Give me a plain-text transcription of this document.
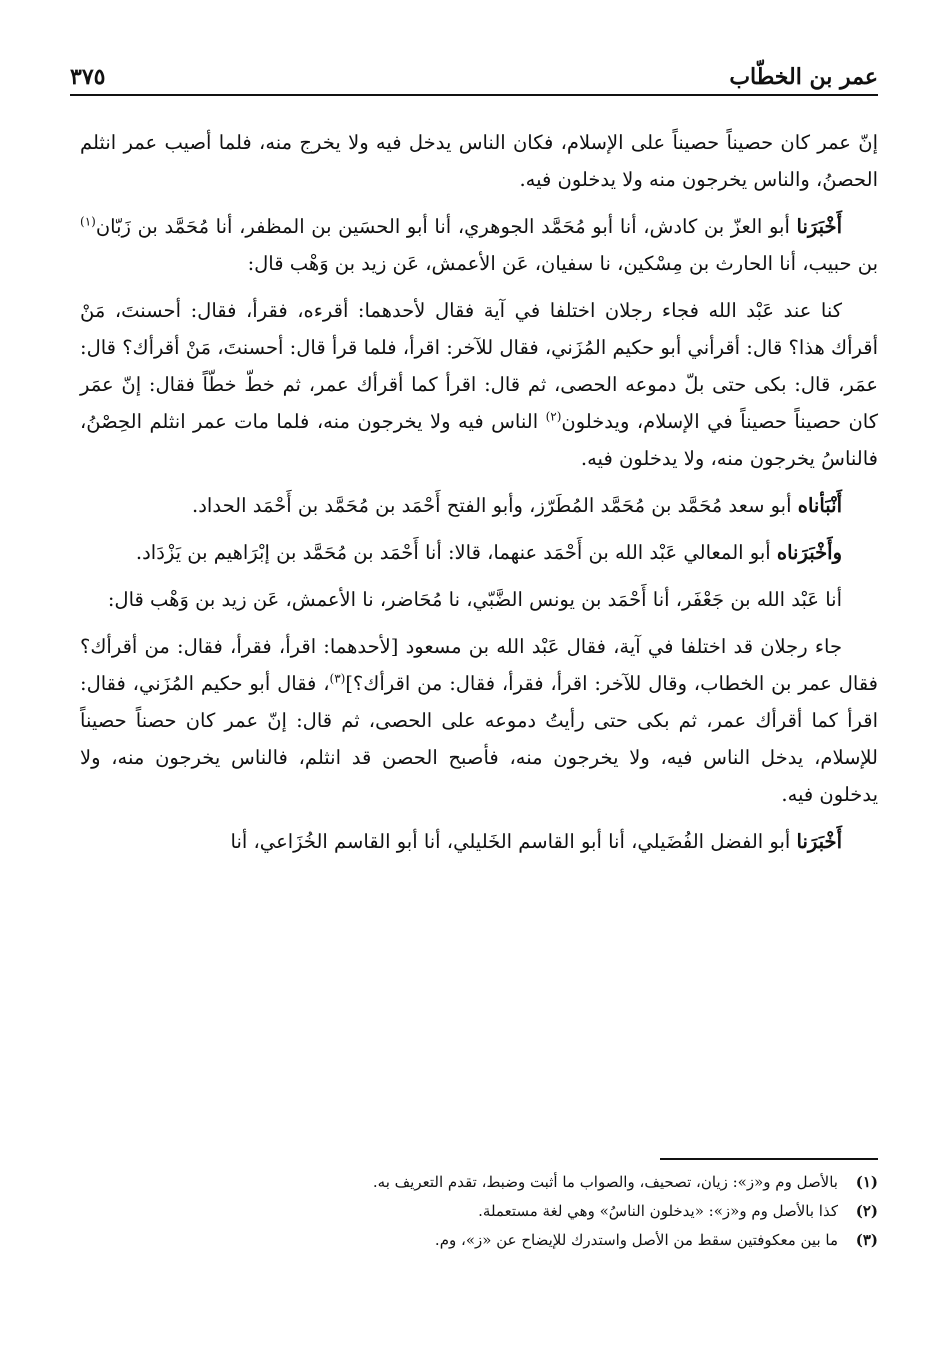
عمر بن الخطّاب
٣٧٥

إنّ عمر كان حصيناً حصيناً على الإسلام، فكان الناس يدخل فيه ولا يخرج منه، فلما أصيب عمر انثلم الحصنُ، والناس يخرجون منه ولا يدخلون فيه.

أَخْبَرَنا أبو العزّ بن كادش، أنا أبو مُحَمَّد الجوهري، أنا أبو الحسَين بن المظفر، أنا مُحَمَّد بن زَبّان$^{(١)}$ بن حبيب، أنا الحارث بن مِسْكين، نا سفيان، عَن الأعمش، عَن زيد بن وَهْب قال:

كنا عند عَبْد الله فجاء رجلان اختلفا في آية فقال لأحدهما: أقرءه، فقرأ، فقال: أحسنتَ، مَنْ أقرأك هذا؟ قال: أقرأني أبو حكيم المُزَني، فقال للآخر: اقرأ، فلما قرأ قال: أحسنتَ، مَنْ أقرأك؟ قال: عمَر، قال: بكى حتى بلّ دموعه الحصى، ثم قال: اقرأ كما أقرأك عمر، ثم خطّ خطّاً فقال: إنّ عمَر كان حصيناً حصيناً في الإسلام، ويدخلون$^{(٢)}$ الناس فيه ولا يخرجون منه، فلما مات عمر انثلم الحِصْنُ، فالناسُ يخرجون منه، ولا يدخلون فيه.

أَنْبَأناه أبو سعد مُحَمَّد بن مُحَمَّد المُطَرّز، وأبو الفتح أَحْمَد بن مُحَمَّد بن أَحْمَد الحداد.

وأَخْبَرَناه أبو المعالي عَبْد الله بن أَحْمَد عنهما، قالا: أنا أَحْمَد بن مُحَمَّد بن إبْرَاهيم بن يَزْدَاد.

أنا عَبْد الله بن جَعْفَر، أنا أَحْمَد بن يونس الضَّبّي، نا مُحَاضر، نا الأعمش، عَن زيد بن وَهْب قال:

جاء رجلان قد اختلفا في آية، فقال عَبْد الله بن مسعود [لأحدهما: اقرأ، فقرأ، فقال: من أقرأك؟ فقال عمر بن الخطاب، وقال للآخر: اقرأ، فقرأ، فقال: من اقرأك؟]$^{(٣)}$، فقال أبو حكيم المُزَني، فقال: اقرأ كما أقرأك عمر، ثم بكى حتى رأيتُ دموعه على الحصى، ثم قال: إنّ عمر كان حصناً حصيناً للإسلام، يدخل الناس فيه، ولا يخرجون منه، فأصبح الحصن قد انثلم، فالناس يخرجون منه، ولا يدخلون فيه.

أَخْبَرَنا أبو الفضل الفُضَيلي، أنا أبو القاسم الخَليلي، أنا أبو القاسم الخُزَاعي، أنا

(١)
بالأصل وم و«ز»: زيان، تصحيف، والصواب ما أثبت وضبط، تقدم التعريف به.

(٢)
كذا بالأصل وم و«ز»: «يدخلون الناسُ» وهي لغة مستعملة.

(٣)
ما بين معكوفتين سقط من الأصل واستدرك للإيضاح عن «ز»، وم.
